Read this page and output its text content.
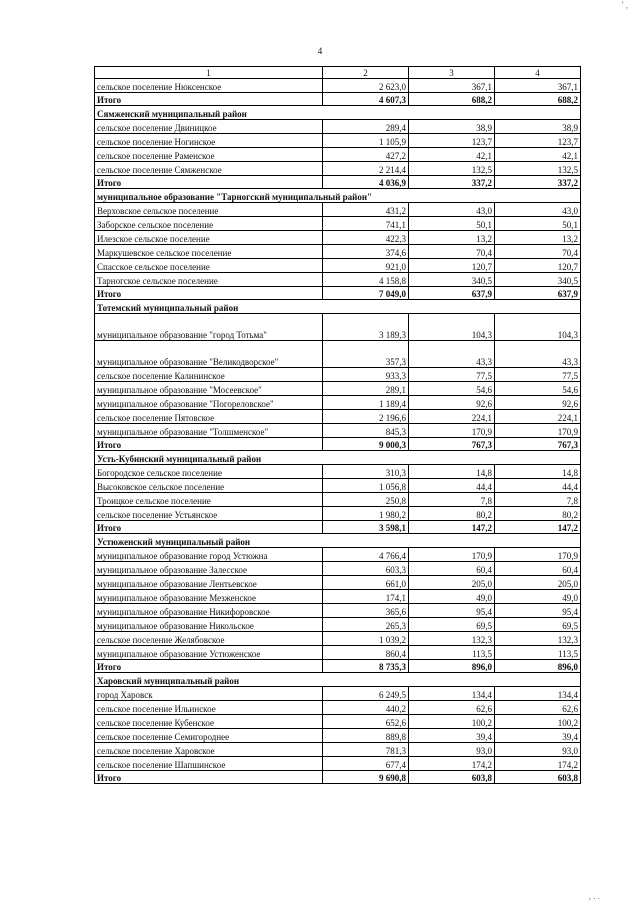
' ,
4
1	2	3	4
сельское поселение Нюксенское	2 623,0	367,1	367,1
Итого	4 607,3	688,2	688,2
Сямженский муниципальный район			
сельское поселение Двиницкое	289,4	38,9	38,9
сельское поселение Ногинское	1 105,9	123,7	123,7
сельское поселение Раменское	427,2	42,1	42,1
сельское поселение Сямженское	2 214,4	132,5	132,5
Итого	4 036,9	337,2	337,2
муниципальное образование "Тарногский муниципальный район"			
Верховское сельское поселение	431,2	43,0	43,0
Заборское сельское поселение	741,1	50,1	50,1
Илезское сельское поселение	422,3	13,2	13,2
Маркушевское сельское поселение	374,6	70,4	70,4
Спасское сельское поселение	921,0	120,7	120,7
Тарногское сельское поселение	4 158,8	340,5	340,5
Итого	7 049,0	637,9	637,9
Тотемский муниципальный район			
муниципальное образование "город Тотьма"	3 189,3	104,3	104,3
муниципальное образование "Великодворское"	357,3	43,3	43,3
сельское поселение Калининское	933,3	77,5	77,5
муниципальное образование "Мосеевское"	289,1	54,6	54,6
муниципальное образование "Погореловское"	1 189,4	92,6	92,6
сельское поселение Пятовское	2 196,6	224,1	224,1
муниципальное образование "Толшменское"	845,3	170,9	170,9
Итого	9 000,3	767,3	767,3
Усть-Кубинский муниципальный район			
Богородское сельское поселение	310,3	14,8	14,8
Высоковское сельское поселение	1 056,8	44,4	44,4
Троицкое сельское поселение	250,8	7,8	7,8
сельское поселение Устьянское	1 980,2	80,2	80,2
Итого	3 598,1	147,2	147,2
Устюженский муниципальный район			
муниципальное образование город Устюжна	4 766,4	170,9	170,9
муниципальное образование Залесское	603,3	60,4	60,4
муниципальное образование Лентьевское	661,0	205,0	205,0
муниципальное образование Мезженское	174,1	49,0	49,0
муниципальное образование Никифоровское	365,6	95,4	95,4
муниципальное образование Никольское	265,3	69,5	69,5
сельское поселение Желябовское	1 039,2	132,3	132,3
муниципальное образование Устюженское	860,4	113,5	113,5
Итого	8 735,3	896,0	896,0
Харовский муниципальный район			
город Харовск	6 249,5	134,4	134,4
сельское поселение Ильинское	440,2	62,6	62,6
сельское поселение Кубенское	652,6	100,2	100,2
сельское поселение Семигороднее	889,8	39,4	39,4
сельское поселение Харовское	781,3	93,0	93,0
сельское поселение Шапшинское	677,4	174,2	174,2
Итого	9 690,8	603,8	603,8
, . .
